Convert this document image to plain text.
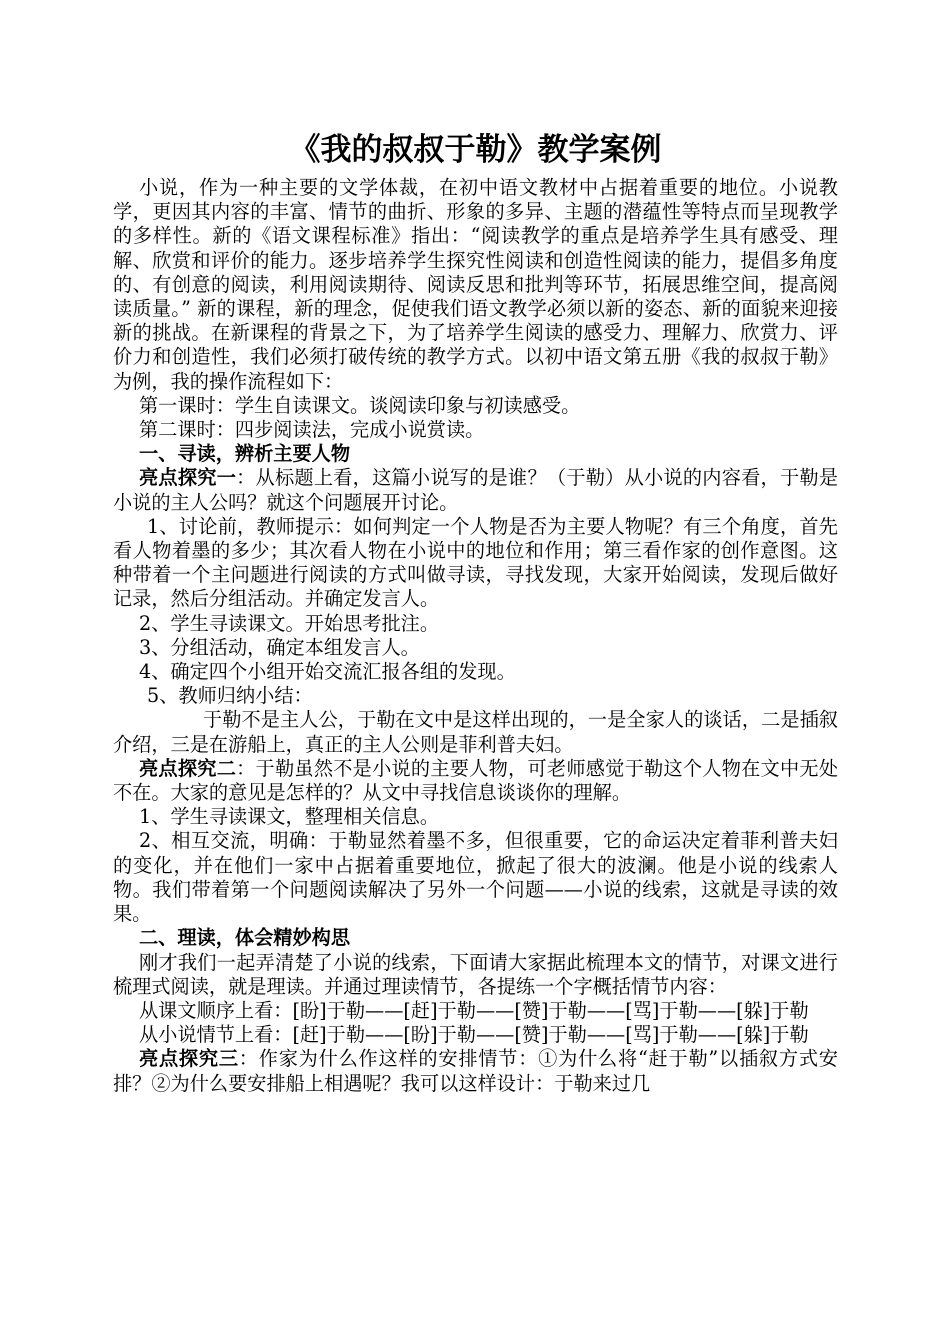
《我的叔叔于勒》教学案例

小说，作为一种主要的文学体裁，在初中语文教材中占据着重要的地位。小说教学，更因其内容的丰富、情节的曲折、形象的多异、主题的潜蕴性等特点而呈现教学的多样性。新的《语文课程标准》指出：“阅读教学的重点是培养学生具有感受、理解、欣赏和评价的能力。逐步培养学生探究性阅读和创造性阅读的能力，提倡多角度的、有创意的阅读，利用阅读期待、阅读反思和批判等环节，拓展思维空间，提高阅读质量。” 新的课程，新的理念，促使我们语文教学必须以新的姿态、新的面貌来迎接新的挑战。在新课程的背景之下，为了培养学生阅读的感受力、理解力、欣赏力、评价力和创造性，我们必须打破传统的教学方式。以初中语文第五册《我的叔叔于勒》为例，我的操作流程如下：

第一课时：学生自读课文。谈阅读印象与初读感受。

第二课时：四步阅读法，完成小说赏读。

一、寻读，辨析主要人物

亮点探究一：从标题上看，这篇小说写的是谁？（于勒）从小说的内容看，于勒是小说的主人公吗？就这个问题展开讨论。

1、讨论前，教师提示：如何判定一个人物是否为主要人物呢？有三个角度，首先看人物着墨的多少；其次看人物在小说中的地位和作用；第三看作家的创作意图。这种带着一个主问题进行阅读的方式叫做寻读，寻找发现，大家开始阅读，发现后做好记录，然后分组活动。并确定发言人。

2、学生寻读课文。开始思考批注。

3、分组活动，确定本组发言人。

4、确定四个小组开始交流汇报各组的发现。

5、教师归纳小结：

于勒不是主人公，于勒在文中是这样出现的，一是全家人的谈话，二是插叙介绍，三是在游船上，真正的主人公则是菲利普夫妇。

亮点探究二：于勒虽然不是小说的主要人物，可老师感觉于勒这个人物在文中无处不在。大家的意见是怎样的？从文中寻找信息谈谈你的理解。

1、学生寻读课文，整理相关信息。

2、相互交流，明确：于勒显然着墨不多，但很重要，它的命运决定着菲利普夫妇的变化，并在他们一家中占据着重要地位，掀起了很大的波澜。他是小说的线索人物。我们带着第一个问题阅读解决了另外一个问题——小说的线索，这就是寻读的效果。

二、理读，体会精妙构思

刚才我们一起弄清楚了小说的线索，下面请大家据此梳理本文的情节，对课文进行梳理式阅读，就是理读。并通过理读情节，各提练一个字概括情节内容：

从课文顺序上看：[盼]于勒——[赶]于勒——[赞]于勒——[骂]于勒——[躲]于勒

从小说情节上看：[赶]于勒——[盼]于勒——[赞]于勒——[骂]于勒——[躲]于勒

亮点探究三：作家为什么作这样的安排情节：①为什么将“赶于勒”以插叙方式安排？②为什么要安排船上相遇呢？我可以这样设计：于勒来过几
